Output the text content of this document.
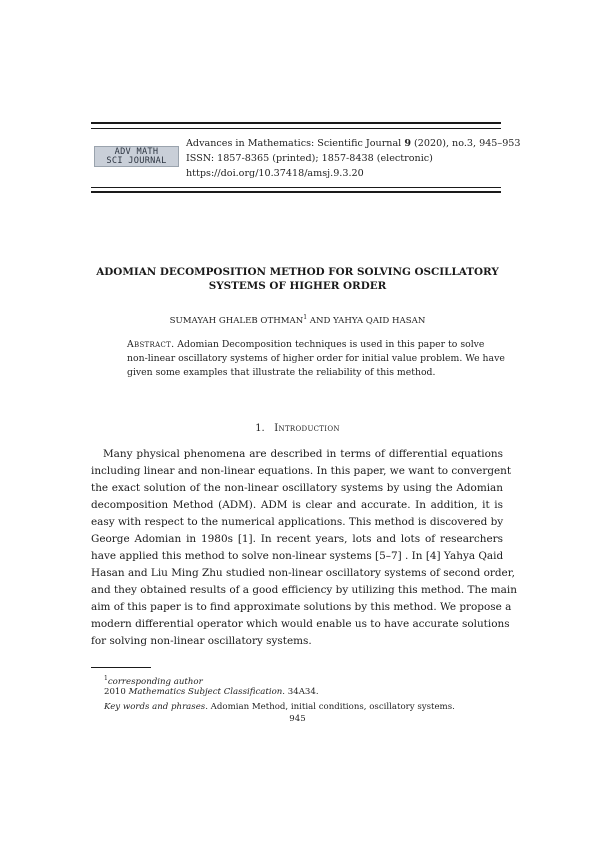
ADV MATH
SCI JOURNAL
Advances in Mathematics: Scientific Journal 9 (2020), no.3, 945–953
ISSN: 1857-8365 (printed); 1857-8438 (electronic)
https://doi.org/10.37418/amsj.9.3.20
ADOMIAN DECOMPOSITION METHOD FOR SOLVING OSCILLATORY
SYSTEMS OF HIGHER ORDER
SUMAYAH GHALEB OTHMAN$^1$ AND YAHYA QAID HASAN
Abstract. Adomian Decomposition techniques is used in this paper to solve
non-linear oscillatory systems of higher order for initial value problem. We have
given some examples that illustrate the reliability of this method.
1. Introduction
Many physical phenomena are described in terms of differential equations
including linear and non-linear equations. In this paper, we want to convergent
the exact solution of the non-linear oscillatory systems by using the Adomian
decomposition Method (ADM). ADM is clear and accurate. In addition, it is
easy with respect to the numerical applications. This method is discovered by
George Adomian in 1980s [1]. In recent years, lots and lots of researchers
have applied this method to solve non-linear systems [5–7] . In [4] Yahya Qaid
Hasan and Liu Ming Zhu studied non-linear oscillatory systems of second order,
and they obtained results of a good efficiency by utilizing this method. The main
aim of this paper is to find approximate solutions by this method. We propose a
modern differential operator which would enable us to have accurate solutions
for solving non-linear oscillatory systems.
$^1$corresponding author
2010 Mathematics Subject Classification. 34A34.
Key words and phrases. Adomian Method, initial conditions, oscillatory systems.
945
